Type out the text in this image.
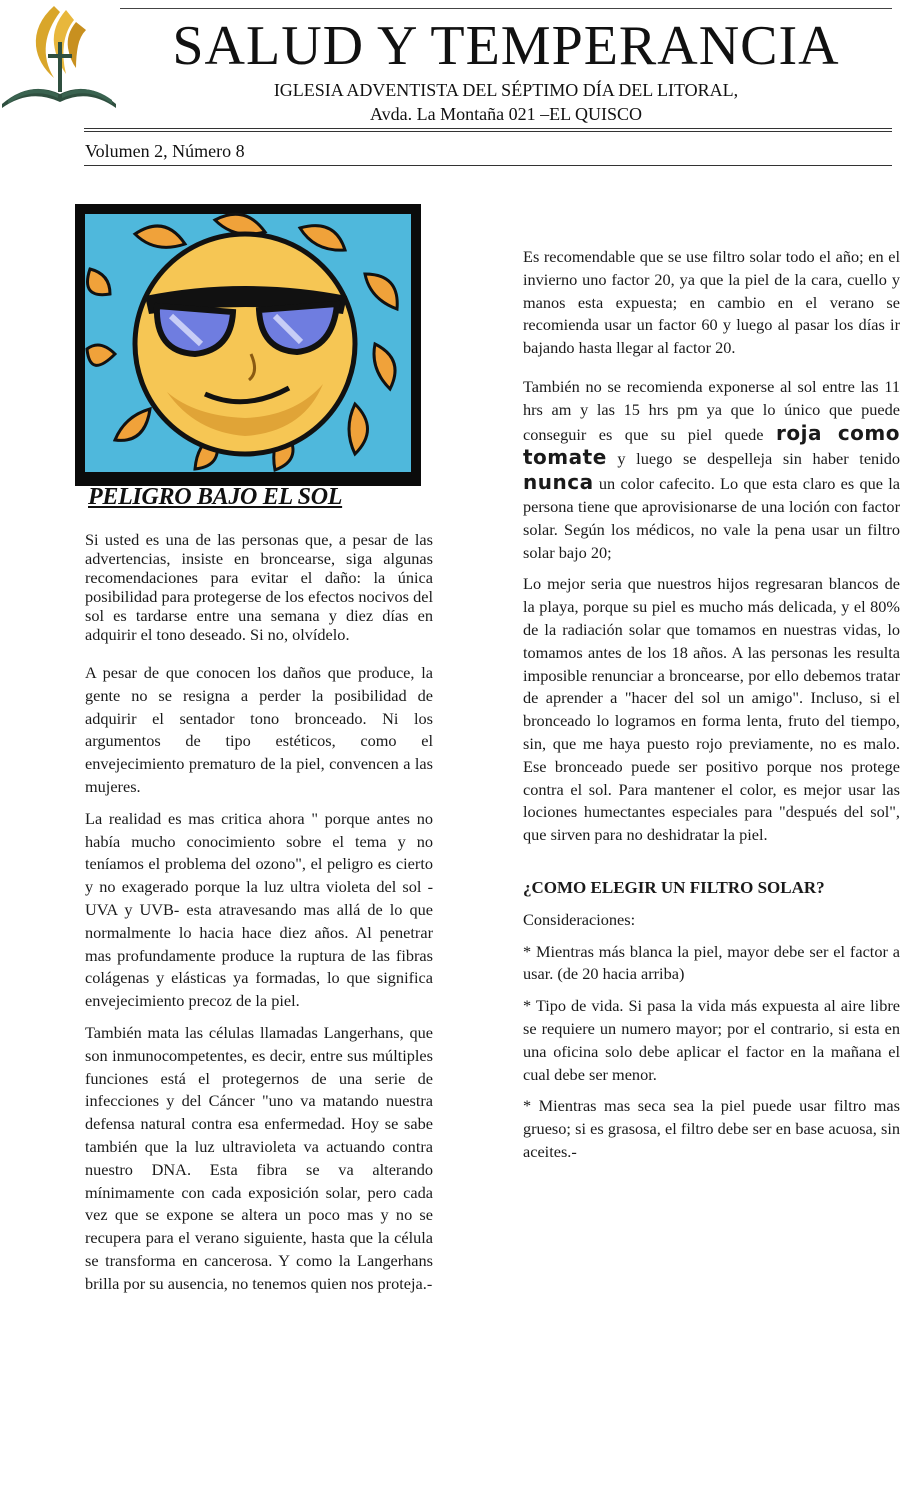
SALUD Y TEMPERANCIA
IGLESIA ADVENTISTA DEL SÉPTIMO DÍA DEL LITORAL,
Avda. La Montaña 021 –EL QUISCO
Volumen 2, Número 8
PELIGRO BAJO EL SOL

Si usted es una de las personas que, a pesar de las advertencias, insiste en broncearse, siga algunas recomendaciones para evitar el daño: la única posibilidad para protegerse de los efectos nocivos del sol es tardarse entre una semana y diez días en adquirir el tono deseado. Si no, olvídelo.

A pesar de que conocen los daños que produce, la gente no se resigna a perder la posibilidad de adquirir el sentador tono bronceado. Ni los argumentos de tipo estéticos, como el envejecimiento prematuro de la piel, convencen a las mujeres.

La realidad es mas critica ahora " porque antes no había mucho conocimiento sobre el tema y no teníamos el problema del ozono", el peligro es cierto y no exagerado porque la luz ultra violeta del sol -UVA y UVB- esta atravesando mas allá de lo que normalmente lo hacia hace diez años. Al penetrar mas profundamente produce la ruptura de las fibras colágenas y elásticas ya formadas, lo que significa envejecimiento precoz de la piel.

También mata las células llamadas Langerhans, que son inmunocompetentes, es decir, entre sus múltiples funciones está el protegernos de una serie de infecciones y del Cáncer "uno va matando nuestra defensa natural contra esa enfermedad. Hoy se sabe también que la luz ultravioleta va actuando contra nuestro DNA. Esta fibra se va alterando mínimamente con cada exposición solar, pero cada vez que se expone se altera un poco mas y no se recupera para el verano siguiente, hasta que la célula se transforma en cancerosa. Y como la Langerhans brilla por su ausencia, no tenemos quien nos proteja.-

Es recomendable que se use filtro solar todo el año; en el invierno uno factor 20, ya que la piel de la cara, cuello y manos esta expuesta; en cambio en el verano se recomienda usar un factor 60 y luego al pasar los días ir bajando hasta llegar al factor 20.

También no se recomienda exponerse al sol entre las 11 hrs am y las 15 hrs pm ya que lo único que puede conseguir es que su piel quede roja como tomate y luego se despelleja sin haber tenido nunca un color cafecito. Lo que esta claro es que la persona tiene que aprovisionarse de una loción con factor solar. Según los médicos, no vale la pena usar un filtro solar bajo 20;

Lo mejor seria que nuestros hijos regresaran blancos de la playa, porque su piel es mucho más delicada, y el 80% de la radiación solar que tomamos en nuestras vidas, lo tomamos antes de los 18 años. A las personas les resulta imposible renunciar a broncearse, por ello debemos tratar de aprender a "hacer del sol un amigo". Incluso, si el bronceado lo logramos en forma lenta, fruto del tiempo, sin, que me haya puesto rojo previamente, no es malo. Ese bronceado puede ser positivo porque nos protege contra el sol. Para mantener el color, es mejor usar las lociones humectantes especiales para "después del sol", que sirven para no deshidratar la piel.

¿COMO ELEGIR UN FILTRO SOLAR?

Consideraciones:

* Mientras más blanca la piel, mayor debe ser el factor a usar. (de 20 hacia arriba)

* Tipo de vida. Si pasa la vida más expuesta al aire libre se requiere un numero mayor; por el contrario, si esta en una oficina solo debe aplicar el factor en la mañana el cual debe ser menor.

* Mientras mas seca sea la piel puede usar filtro mas grueso; si es grasosa, el filtro debe ser en base acuosa, sin aceites.-
